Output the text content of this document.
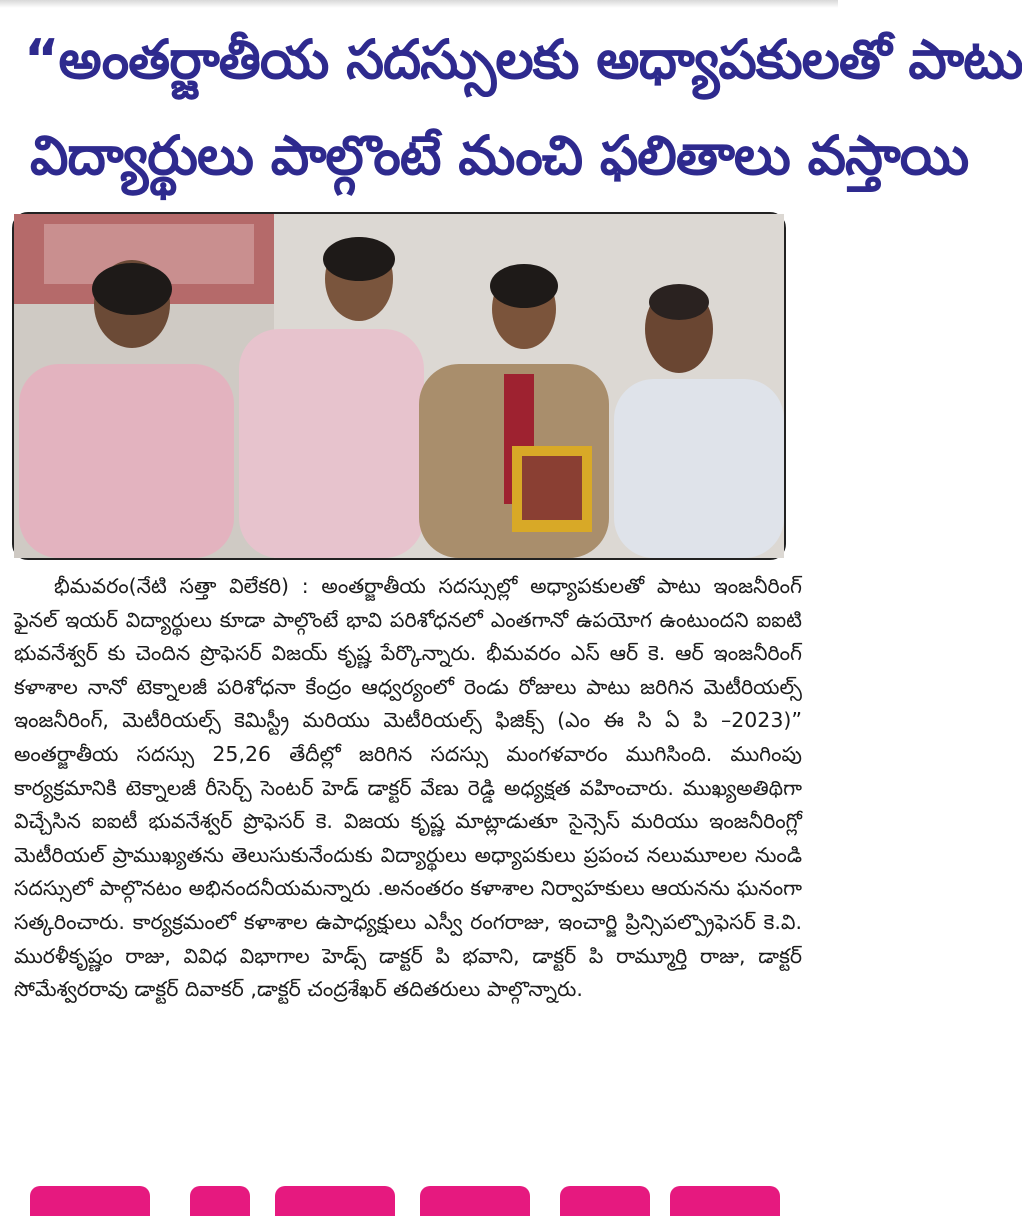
“అంతర్జాతీయ సదస్సులకు అధ్యాపకులతో పాటు
విద్యార్థులు పాల్గొంటే మంచి ఫలితాలు వస్తాయి

భీమవరం(నేటి సత్తా విలేకరి) : అంతర్జాతీయ సదస్సుల్లో అధ్యాపకులతో పాటు ఇంజనీరింగ్ ఫైనల్ ఇయర్ విద్యార్థులు కూడా పాల్గొంటే భావి పరిశోధనలో ఎంతగానో ఉపయోగ ఉంటుందని ఐఐటి భువనేశ్వర్ కు చెందిన ప్రొఫెసర్ విజయ్ కృష్ణ పేర్కొన్నారు. భీమవరం ఎస్ ఆర్ కె. ఆర్ ఇంజనీరింగ్ కళాశాల నానో టెక్నాలజీ పరిశోధనా కేంద్రం ఆధ్వర్యంలో రెండు రోజులు పాటు జరిగిన మెటీరియల్స్ ఇంజనీరింగ్, మెటీరియల్స్ కెమిస్ట్రీ మరియు మెటీరియల్స్ ఫిజిక్స్ (ఎం ఈ సి ఏ పి –2023)” అంతర్జాతీయ సదస్సు 25,26 తేదీల్లో జరిగిన సదస్సు మంగళవారం ముగిసింది. ముగింపు కార్యక్రమానికి టెక్నాలజీ రీసెర్చ్ సెంటర్ హెడ్ డాక్టర్ వేణు రెడ్డి అధ్యక్షత వహించారు. ముఖ్యఅతిథిగా విచ్చేసిన ఐఐటీ భువనేశ్వర్ ప్రొఫెసర్ కె. విజయ కృష్ణ మాట్లాడుతూ సైన్సెస్ మరియు ఇంజనీరింగ్లో మెటీరియల్ ప్రాముఖ్యతను తెలుసుకునేందుకు విద్యార్థులు అధ్యాపకులు ప్రపంచ నలుమూలల నుండి సదస్సులో పాల్గొనటం అభినందనీయమన్నారు .అనంతరం కళాశాల నిర్వాహకులు ఆయనను ఘనంగా సత్కరించారు. కార్యక్రమంలో కళాశాల ఉపాధ్యక్షులు ఎస్వీ రంగరాజు, ఇంచార్జి ప్రిన్సిపల్ప్రొఫెసర్ కె.వి. మురళీకృష్ణం రాజు, వివిధ విభాగాల హెడ్స్ డాక్టర్ పి భవాని, డాక్టర్ పి రామ్మూర్తి రాజు, డాక్టర్ సోమేశ్వరరావు డాక్టర్ దివాకర్ ,డాక్టర్ చంద్రశేఖర్ తదితరులు పాల్గొన్నారు.
